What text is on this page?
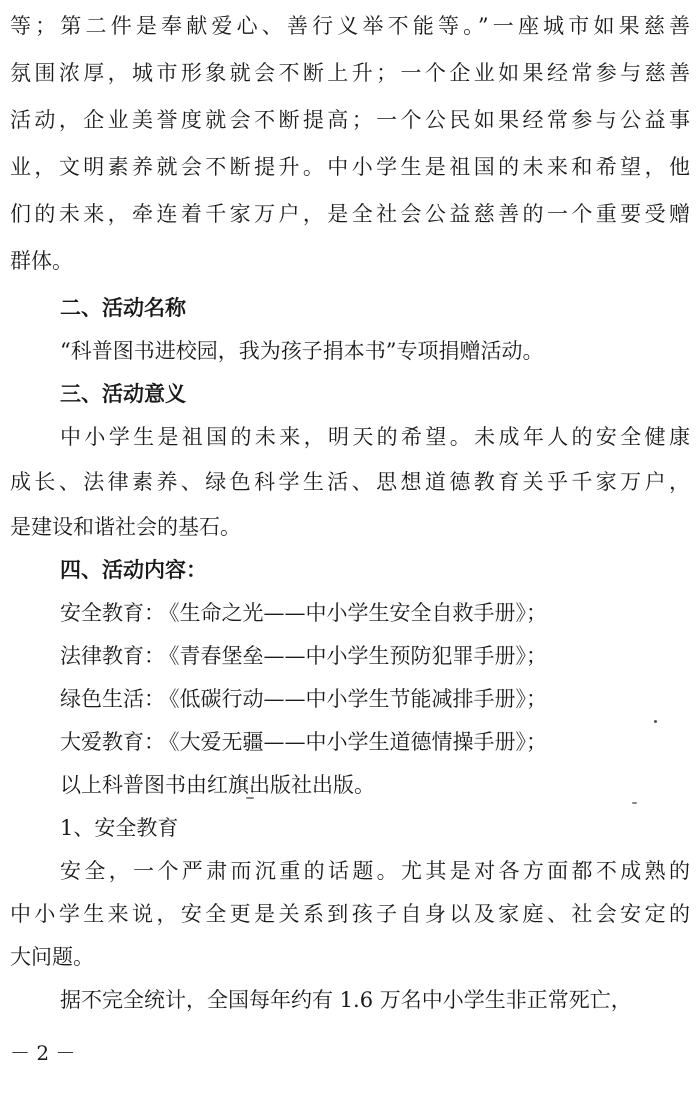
等；第二件是奉献爱心、善行义举不能等。”一座城市如果慈善
氛围浓厚，城市形象就会不断上升；一个企业如果经常参与慈善
活动，企业美誉度就会不断提高；一个公民如果经常参与公益事
业，文明素养就会不断提升。中小学生是祖国的未来和希望，他
们的未来，牵连着千家万户，是全社会公益慈善的一个重要受赠
群体。
二、活动名称
“科普图书进校园，我为孩子捐本书”专项捐赠活动。
三、活动意义
中小学生是祖国的未来，明天的希望。未成年人的安全健康
成长、法律素养、绿色科学生活、思想道德教育关乎千家万户，
是建设和谐社会的基石。
四、活动内容：
安全教育： 《生命之光——中小学生安全自救手册》；
法律教育： 《青春堡垒——中小学生预防犯罪手册》；
绿色生活： 《低碳行动——中小学生节能减排手册》；
大爱教育： 《大爱无疆——中小学生道德情操手册》；
以上科普图书由红旗出版社出版。
1、安全教育
安全，一个严肃而沉重的话题。尤其是对各方面都不成熟的
中小学生来说，安全更是关系到孩子自身以及家庭、社会安定的
大问题。
据不完全统计，全国每年约有 1.6 万名中小学生非正常死亡，
－ 2 －
